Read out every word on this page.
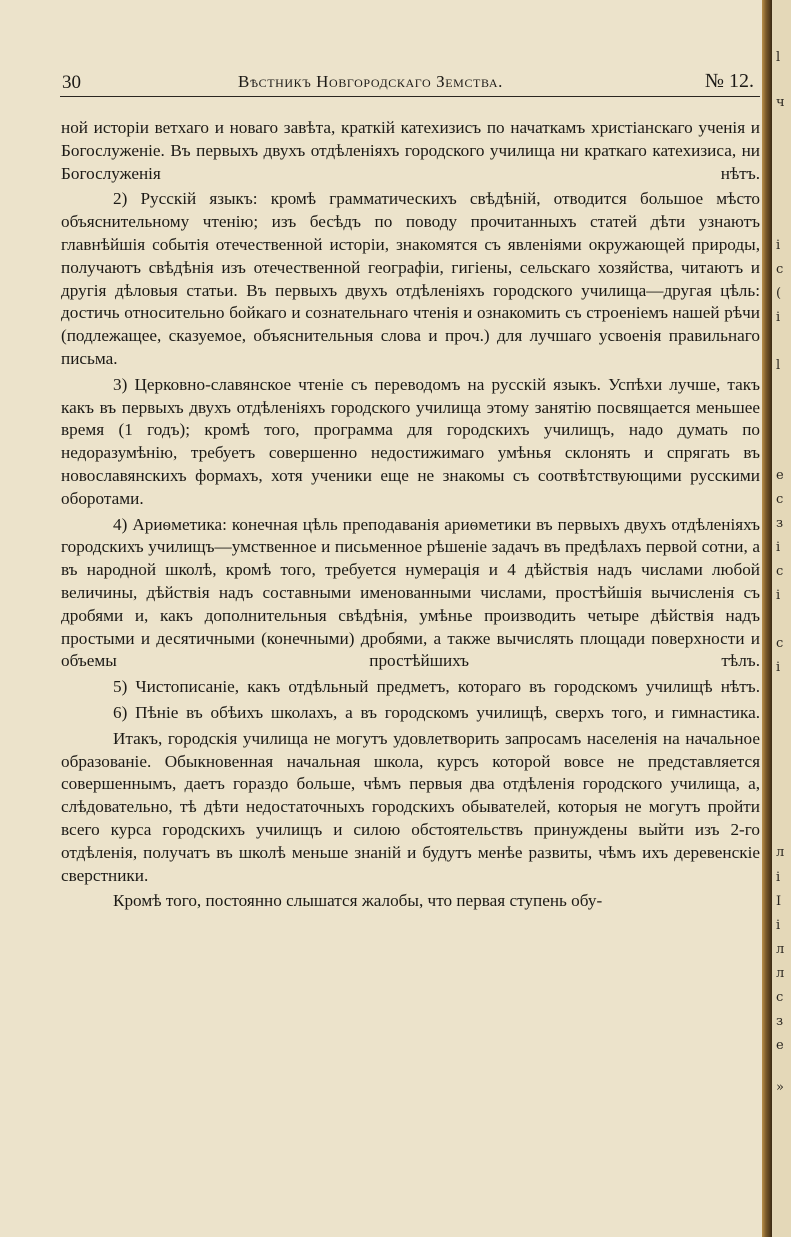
30	Вѣстникъ Новгородскаго Земства.	№ 12.

ной исторіи ветхаго и новаго завѣта, краткій катехизисъ по начаткамъ христіанскаго ученія и Богослуженіе. Въ первыхъ двухъ отдѣленіяхъ городского училища ни краткаго катехизиса, ни Богослуженія нѣтъ.

2) Русскій языкъ: кромѣ грамматическихъ свѣдѣній, отводится большое мѣсто объяснительному чтенію; изъ бесѣдъ по поводу прочитанныхъ статей дѣти узнаютъ главнѣйшія событія отечественной исторіи, знакомятся съ явленіями окружающей природы, получаютъ свѣдѣнія изъ отечественной географіи, гигіены, сельскаго хозяйства, читаютъ и другія дѣловыя статьи. Въ первыхъ двухъ отдѣленіяхъ городского училища—другая цѣль: достичь относительно бойкаго и сознательнаго чтенія и ознакомить съ строеніемъ нашей рѣчи (подлежащее, сказуемое, объяснительныя слова и проч.) для лучшаго усвоенія правильнаго письма.

3) Церковно-славянское чтеніе съ переводомъ на русскій языкъ. Успѣхи лучше, такъ какъ въ первыхъ двухъ отдѣленіяхъ городского училища этому занятію посвящается меньшее время (1 годъ); кромѣ того, программа для городскихъ училищъ, надо думать по недоразумѣнію, требуетъ совершенно недостижимаго умѣнья склонять и спрягать въ новославянскихъ формахъ, хотя ученики еще не знакомы съ соотвѣтствующими русскими оборотами.

4) Ариѳметика: конечная цѣль преподаванія ариѳметики въ первыхъ двухъ отдѣленіяхъ городскихъ училищъ—умственное и письменное рѣшеніе задачъ въ предѣлахъ первой сотни, а въ народной школѣ, кромѣ того, требуется нумерація и 4 дѣйствія надъ числами любой величины, дѣйствія надъ составными именованными числами, простѣйшія вычисленія съ дробями и, какъ дополнительныя свѣдѣнія, умѣнье производить четыре дѣйствія надъ простыми и десятичными (конечными) дробями, а также вычислять площади поверхности и объемы простѣйшихъ тѣлъ.

5) Чистописаніе, какъ отдѣльный предметъ, котораго въ городскомъ училищѣ нѣтъ.

6) Пѣніе въ обѣихъ школахъ, а въ городскомъ училищѣ, сверхъ того, и гимнастика.

Итакъ, городскія училища не могутъ удовлетворить запросамъ населенія на начальное образованіе. Обыкновенная начальная школа, курсъ которой вовсе не представляется совершеннымъ, даетъ гораздо больше, чѣмъ первыя два отдѣленія городского училища, а, слѣдовательно, тѣ дѣти недостаточныхъ городскихъ обывателей, которыя не могутъ пройти всего курса городскихъ училищъ и силою обстоятельствъ принуждены выйти изъ 2-го отдѣленія, получатъ въ школѣ меньше знаній и будутъ менѣе развиты, чѣмъ ихъ деревенскіе сверстники.

Кромѣ того, постоянно слышатся жалобы, что первая ступень обу-

l
ч
і
с
(
і
l
е
с
з
і
с
і
с
і
л
і
І
і
л
л
с
з
е
»
